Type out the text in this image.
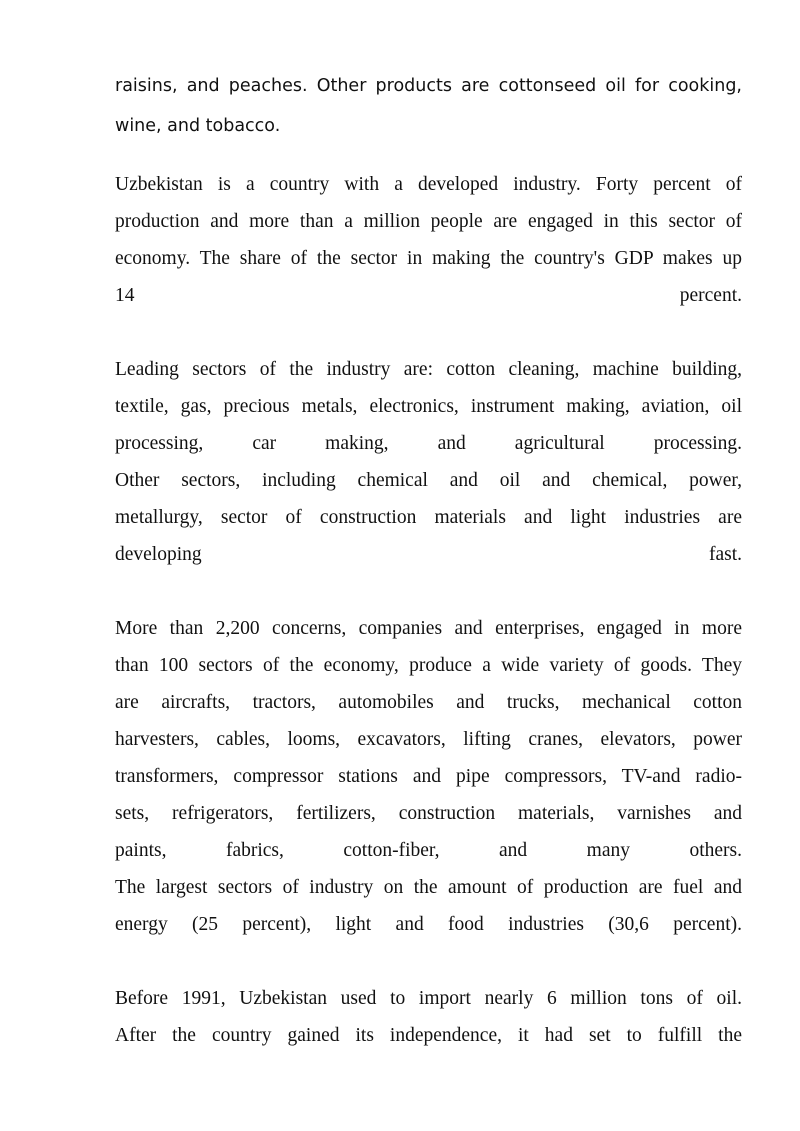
raisins, and peaches. Other products are cottonseed oil for cooking,
wine, and tobacco.
Uzbekistan is a country with a developed industry. Forty percent of
production and more than a million people are engaged in this sector of
economy. The share of the sector in making the country's GDP makes up
14 percent.
Leading sectors of the industry are: cotton cleaning, machine building,
textile, gas, precious metals, electronics, instrument making, aviation, oil
processing, car making, and agricultural processing.
Other sectors, including chemical and oil and chemical, power,
metallurgy, sector of construction materials and light industries are
developing fast.
More than 2,200 concerns, companies and enterprises, engaged in more
than 100 sectors of the economy, produce a wide variety of goods. They
are aircrafts, tractors, automobiles and trucks, mechanical cotton
harvesters, cables, looms, excavators, lifting cranes, elevators, power
transformers, compressor stations and pipe compressors, TV-and radio-
sets, refrigerators, fertilizers, construction materials, varnishes and
paints, fabrics, cotton-fiber, and many others.
The largest sectors of industry on the amount of production are fuel and
energy (25 percent), light and food industries (30,6 percent).
Before 1991, Uzbekistan used to import nearly 6 million tons of oil.
After the country gained its independence, it had set to fulfill the
